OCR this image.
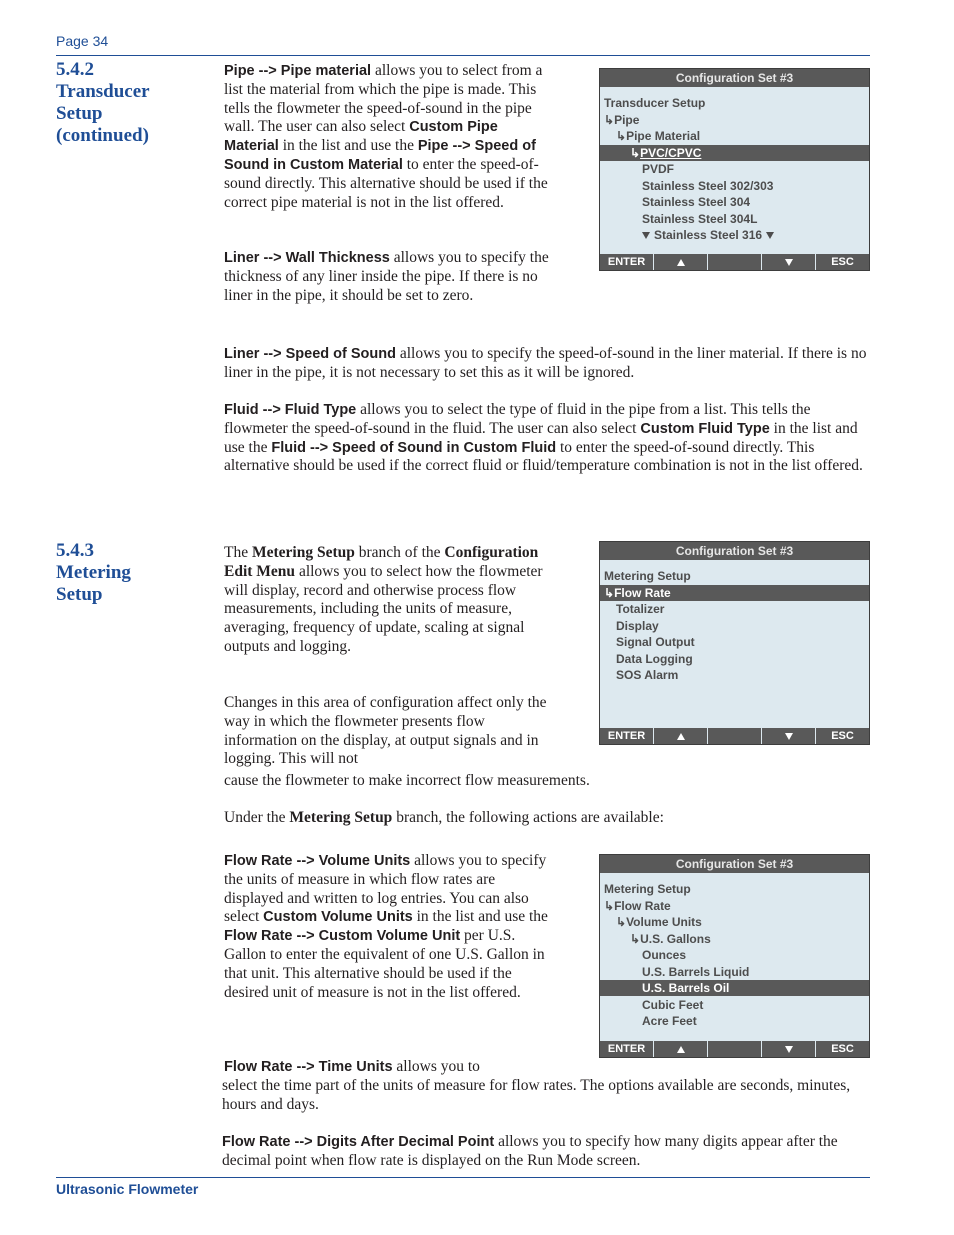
Page 34
5.4.2
Transducer
Setup
(continued)
Pipe --> Pipe material allows you to select from a list the material from which the pipe is made. This tells the flowmeter the speed-of-sound in the pipe wall. The user can also select Custom Pipe Material in the list and use the Pipe --> Speed of Sound in Custom Material to enter the speed-of-sound directly. This alternative should be used if the correct pipe material is not in the list offered.
Liner --> Wall Thickness allows you to specify the thickness of any liner inside the pipe. If there is no liner in the pipe, it should be set to zero.
Liner --> Speed of Sound allows you to specify the speed-of-sound in the liner material. If there is no liner in the pipe, it is not necessary to set this as it will be ignored.
Fluid --> Fluid Type allows you to select the type of fluid in the pipe from a list. This tells the flowmeter the speed-of-sound in the fluid. The user can also select Custom Fluid Type in the list and use the Fluid --> Speed of Sound in Custom Fluid to enter the speed-of-sound directly. This alternative should be used if the correct fluid or fluid/temperature combination is not in the list offered.
Configuration Set #3
Transducer Setup
↳Pipe
↳Pipe Material
↳PVC/CPVC
PVDF
Stainless Steel 302/303
Stainless Steel 304
Stainless Steel 304L
Stainless Steel 316
ENTER	ESC
5.4.3
Metering
Setup
The Metering Setup branch of the Configuration Edit Menu allows you to select how the flowmeter will display, record and otherwise process flow measurements, including the units of measure, averaging, frequency of update, scaling at signal outputs and logging.
Changes in this area of configuration affect only the way in which the flowmeter presents flow information on the display, at output signals and in logging. This will not
cause the flowmeter to make incorrect flow measurements.
Under the Metering Setup branch, the following actions are available:
Flow Rate --> Volume Units allows you to specify the units of measure in which flow rates are displayed and written to log entries. You can also select Custom Volume Units in the list and use the Flow Rate --> Custom Volume Unit per U.S. Gallon to enter the equivalent of one U.S. Gallon in that unit. This alternative should be used if the desired unit of measure is not in the list offered.
Flow Rate --> Time Units allows you to
select the time part of the units of measure for flow rates. The options available are seconds, minutes, hours and days.
Flow Rate --> Digits After Decimal Point allows you to specify how many digits appear after the decimal point when flow rate is displayed on the Run Mode screen.
Configuration Set #3
Metering Setup
↳Flow Rate
Totalizer
Display
Signal Output
Data Logging
SOS Alarm
ENTER	ESC
Configuration Set #3
Metering Setup
↳Flow Rate
↳Volume Units
↳U.S. Gallons
Ounces
U.S. Barrels Liquid
U.S. Barrels Oil
Cubic Feet
Acre Feet
ENTER	ESC
Ultrasonic Flowmeter
